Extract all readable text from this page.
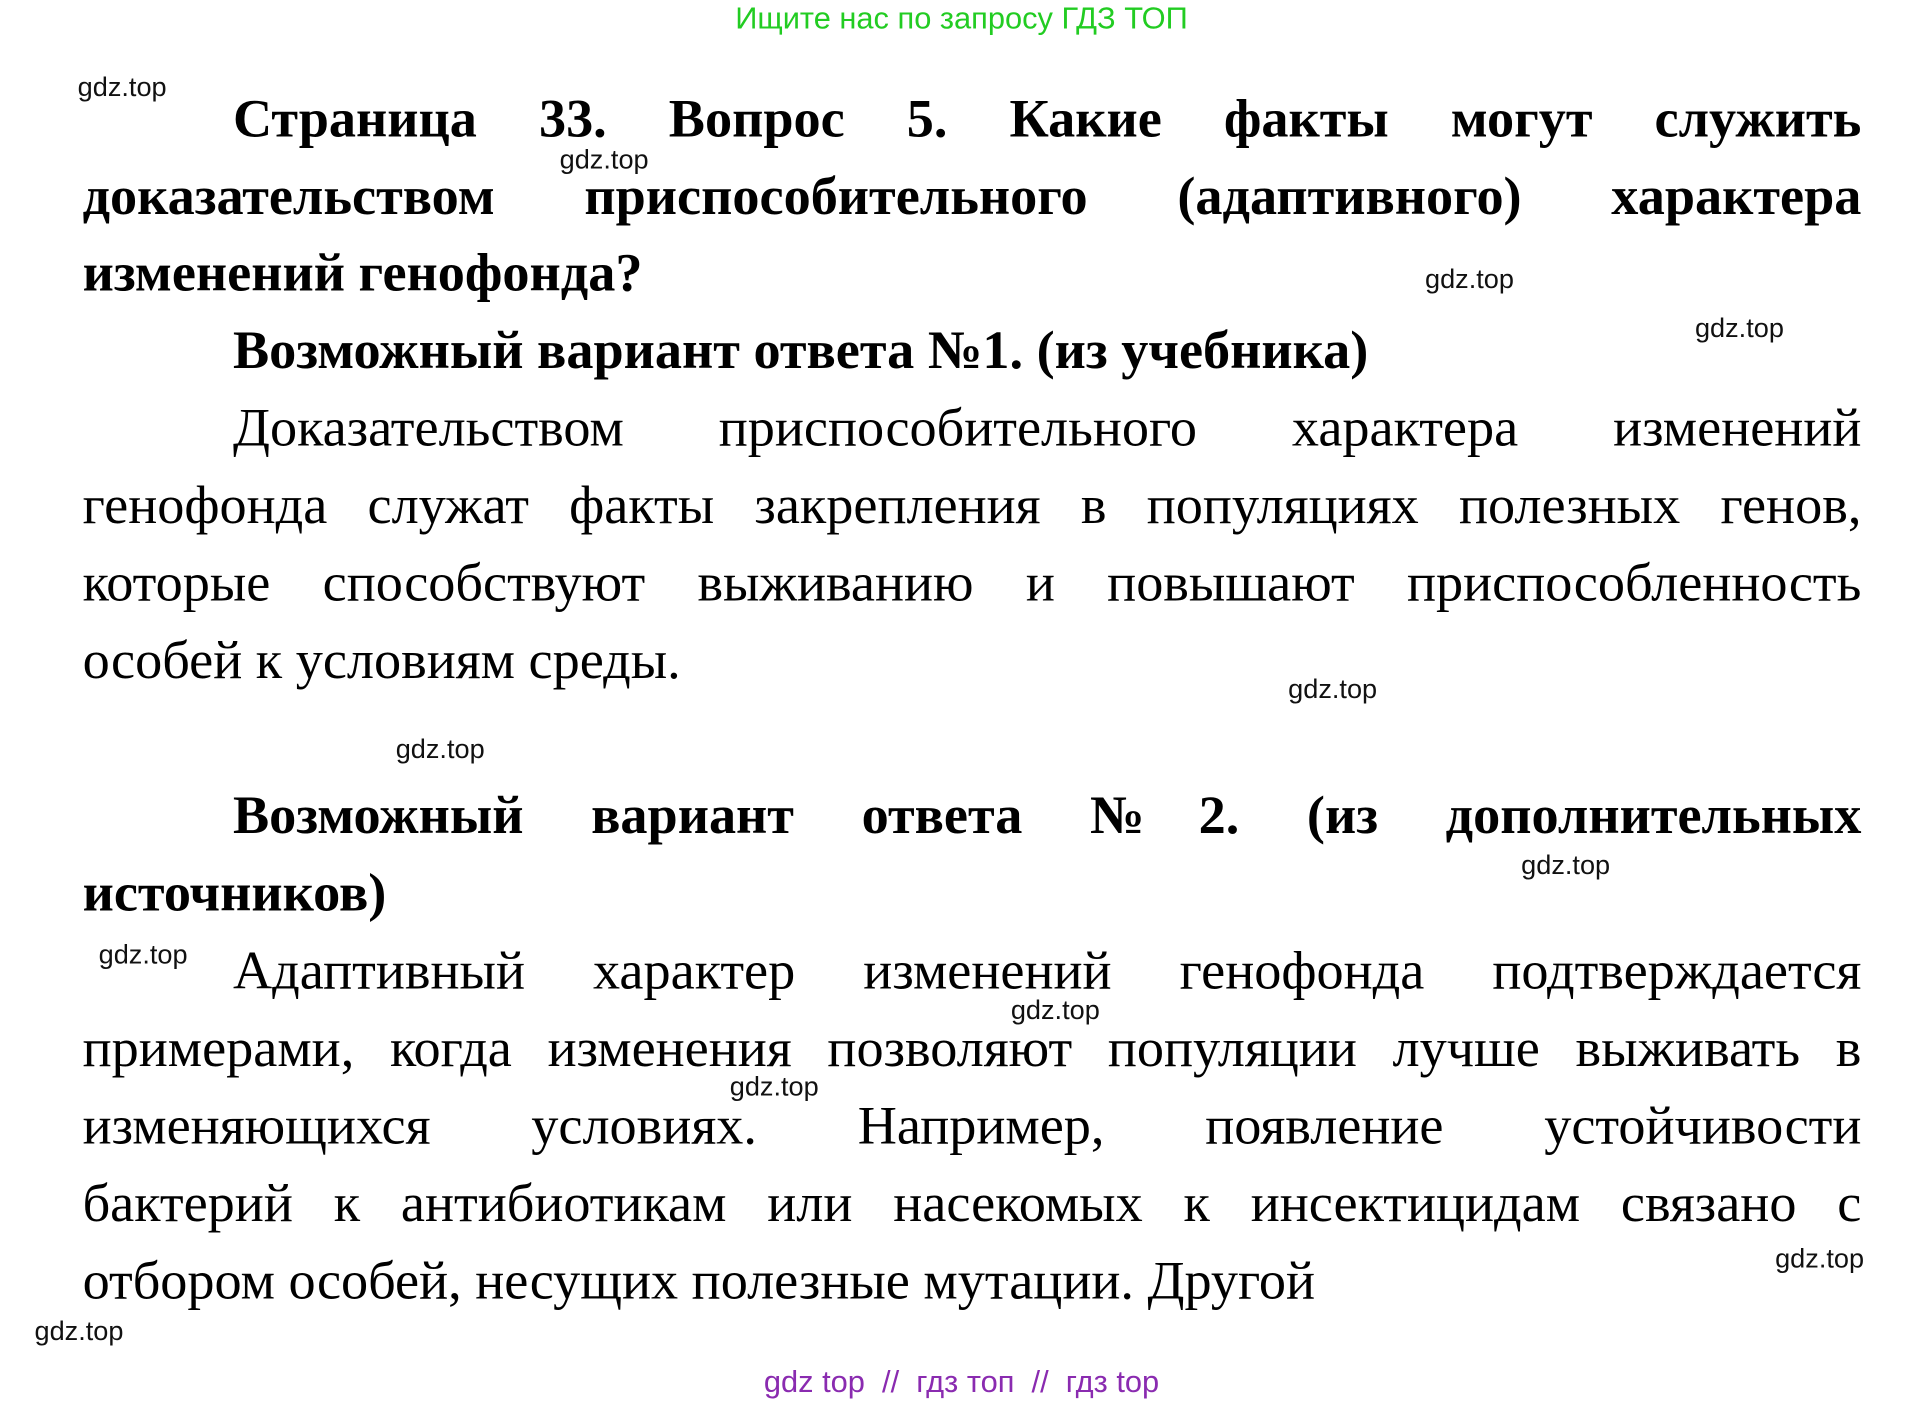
Ищите нас по запросу ГДЗ ТОП
Страница 33. Вопрос 5. Какие факты могут служить
доказательством приспособительного (адаптивного) характера
изменений генофонда?
Возможный вариант ответа №1. (из учебника)
Доказательством приспособительного характера изменений
генофонда служат факты закрепления в популяциях полезных генов,
которые способствуют выживанию и повышают приспособленность
особей к условиям среды.
Возможный вариант ответа №2. (из дополнительных
источников)
Адаптивный характер изменений генофонда подтверждается
примерами, когда изменения позволяют популяции лучше выживать в
изменяющихся условиях. Например, появление устойчивости
бактерий к антибиотикам или насекомых к инсектицидам связано с
отбором особей, несущих полезные мутации. Другой
gdz.top
gdz.top
gdz.top
gdz.top
gdz.top
gdz.top
gdz.top
gdz.top
gdz.top
gdz.top
gdz.top
gdz.top
gdz top  //  гдз топ  //  гдз top
